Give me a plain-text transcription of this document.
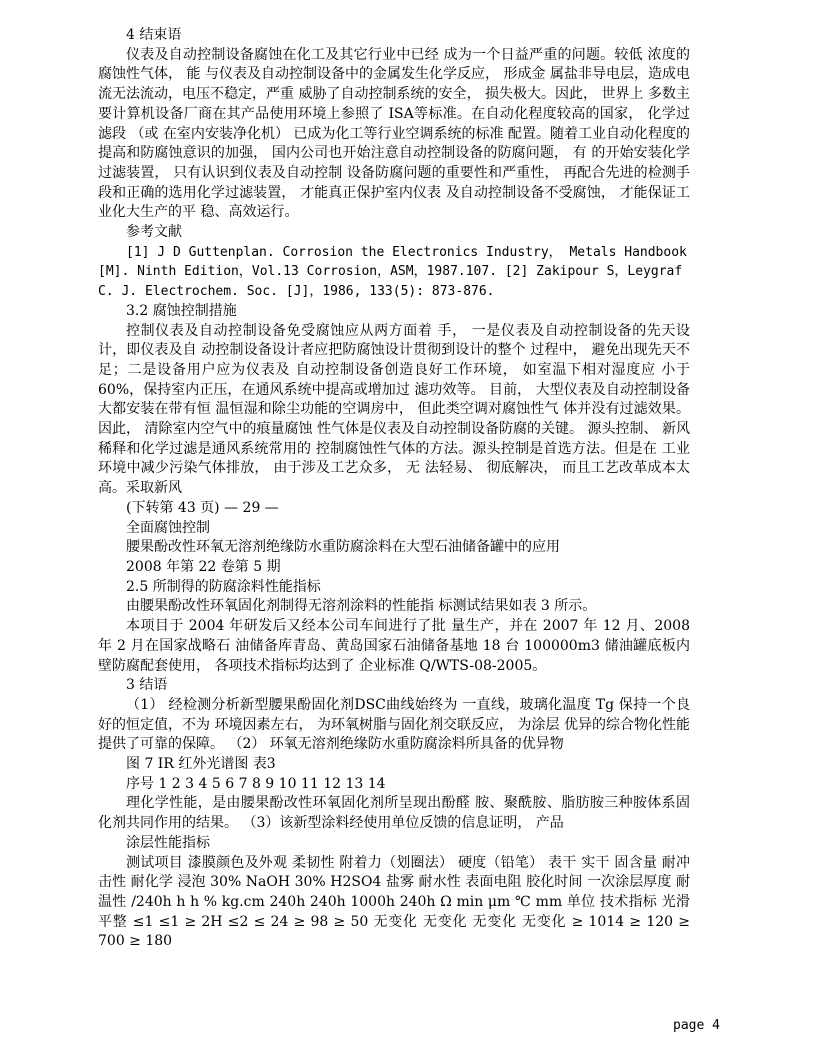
4 结束语

仪表及自动控制设备腐蚀在化工及其它行业中已经 成为一个日益严重的问题。较低 浓度的腐蚀性气体， 能 与仪表及自动控制设备中的金属发生化学反应， 形成金 属盐非导电层，造成电流无法流动，电压不稳定，严重 威胁了自动控制系统的安全， 损失极大。因此， 世界上 多数主要计算机设备厂商在其产品使用环境上参照了 ISA等标准。在自动化程度较高的国家， 化学过滤段 （或 在室内安装净化机） 已成为化工等行业空调系统的标准 配置。随着工业自动化程度的提高和防腐蚀意识的加强， 国内公司也开始注意自动控制设备的防腐问题， 有 的开始安装化学过滤装置， 只有认识到仪表及自动控制 设备防腐问题的重要性和严重性， 再配合先进的检测手 段和正确的选用化学过滤装置， 才能真正保护室内仪表 及自动控制设备不受腐蚀， 才能保证工业化大生产的平 稳、高效运行。

参考文献

[1] J D Guttenplan. Corrosion the Electronics Industry， Metals Handbook [M]. Ninth Edition，Vol.13 Corrosion，ASM，1987.107. [2] Zakipour S，Leygraf C. J. Electrochem. Soc. [J]，1986, 133(5): 873-876.

3.2 腐蚀控制措施

控制仪表及自动控制设备免受腐蚀应从两方面着 手， 一是仪表及自动控制设备的先天设计，即仪表及自 动控制设备设计者应把防腐蚀设计贯彻到设计的整个 过程中， 避免出现先天不足；二是设备用户应为仪表及 自动控制设备创造良好工作环境， 如室温下相对湿度应 小于60%，保持室内正压，在通风系统中提高或增加过 滤功效等。 目前， 大型仪表及自动控制设备大都安装在带有恒 温恒湿和除尘功能的空调房中， 但此类空调对腐蚀性气 体并没有过滤效果。因此， 清除室内空气中的痕量腐蚀 性气体是仪表及自动控制设备防腐的关键。 源头控制、 新风稀释和化学过滤是通风系统常用的 控制腐蚀性气体的方法。源头控制是首选方法。但是在 工业环境中减少污染气体排放， 由于涉及工艺众多， 无 法轻易、 彻底解决， 而且工艺改革成本太高。采取新风

(下转第 43 页) — 29 —

全面腐蚀控制

腰果酚改性环氧无溶剂绝缘防水重防腐涂料在大型石油储备罐中的应用

2008 年第 22 卷第 5 期

2.5 所制得的防腐涂料性能指标

由腰果酚改性环氧固化剂制得无溶剂涂料的性能指 标测试结果如表 3 所示。

本项目于 2004 年研发后又经本公司车间进行了批 量生产，并在 2007 年 12 月、2008 年 2 月在国家战略石 油储备库青岛、黄岛国家石油储备基地 18 台 100000m3 储油罐底板内壁防腐配套使用， 各项技术指标均达到了 企业标准 Q/WTS-08-2005。

3 结语

（1） 经检测分析新型腰果酚固化剂DSC曲线始终为 一直线，玻璃化温度 Tg 保持一个良好的恒定值，不为 环境因素左右， 为环氧树脂与固化剂交联反应， 为涂层 优异的综合物化性能提供了可靠的保障。 （2） 环氧无溶剂绝缘防水重防腐涂料所具备的优异物

图 7 IR 红外光谱图 表3

序号 1 2 3 4 5 6 7 8 9 10 11 12 13 14

理化学性能，是由腰果酚改性环氧固化剂所呈现出酚醛 胺、聚酰胺、脂肪胺三种胺体系固化剂共同作用的结果。 （3）该新型涂料经使用单位反馈的信息证明， 产品

涂层性能指标

测试项目 漆膜颜色及外观 柔韧性 附着力（划圈法） 硬度（铅笔） 表干 实干 固含量 耐冲击性 耐化学 浸泡 30% NaOH 30% H2SO4 盐雾 耐水性 表面电阻 胶化时间 一次涂层厚度 耐温性 /240h h h % kg.cm 240h 240h 1000h 240h Ω min μm ℃ mm 单位 技术指标 光滑平整 ≤1 ≤1 ≥ 2H ≤2 ≤ 24 ≥ 98 ≥ 50 无变化 无变化 无变化 无变化 ≥ 1014 ≥ 120 ≥ 700 ≥ 180

page 4
